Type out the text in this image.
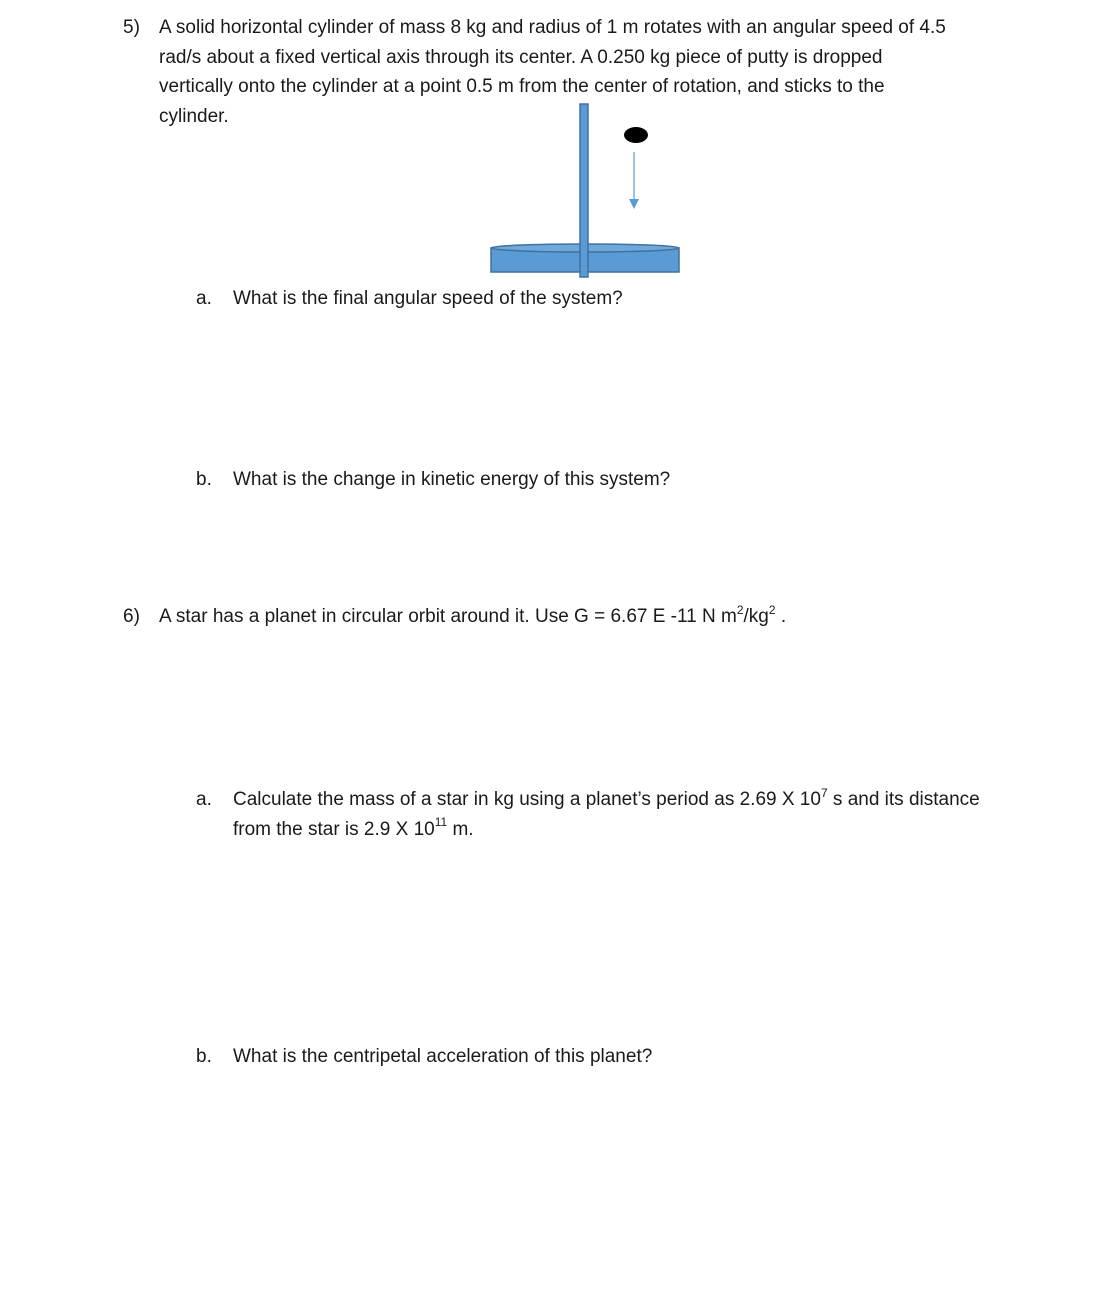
5) A solid horizontal cylinder of mass 8 kg and radius of 1 m rotates with an angular speed of 4.5
rad/s about a fixed vertical axis through its center. A 0.250 kg piece of putty is dropped
vertically onto the cylinder at a point 0.5 m from the center of rotation, and sticks to the
cylinder.
a. What is the final angular speed of the system?
b. What is the change in kinetic energy of this system?
6) A star has a planet in circular orbit around it. Use G = 6.67 E -11 N $m^2/kg^2$ .
a. Calculate the mass of a star in kg using a planet’s period as 2.69 X $10^7$ s and its distance
from the star is 2.9 X $10^{11}$ m.
b. What is the centripetal acceleration of this planet?
